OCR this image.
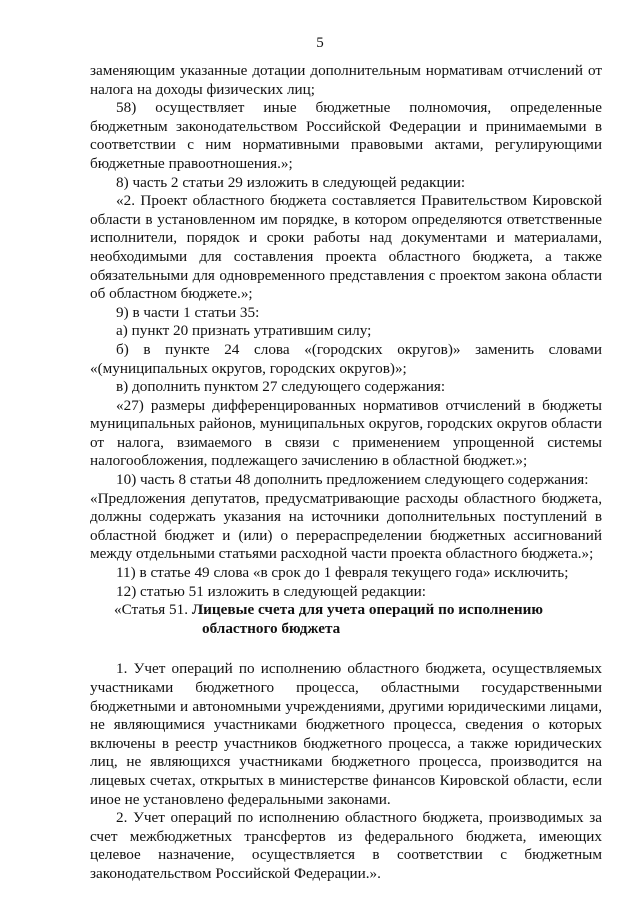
5

заменяющим указанные дотации дополнительным нормативам отчислений от налога на доходы физических лиц;

58) осуществляет иные бюджетные полномочия, определенные бюджетным законодательством Российской Федерации и принимаемыми в соответствии с ним нормативными правовыми актами, регулирующими бюджетные правоотношения.»;

8) часть 2 статьи 29 изложить в следующей редакции:

«2. Проект областного бюджета составляется Правительством Кировской области в установленном им порядке, в котором определяются ответственные исполнители, порядок и сроки работы над документами и материалами, необходимыми для составления проекта областного бюджета, а также обязательными для одновременного представления с проектом закона области об областном бюджете.»;

9) в части 1 статьи 35:

а) пункт 20 признать утратившим силу;

б) в пункте 24 слова «(городских округов)» заменить словами «(муниципальных округов, городских округов)»;

в) дополнить пунктом 27 следующего содержания:

«27) размеры дифференцированных нормативов отчислений в бюджеты муниципальных районов, муниципальных округов, городских округов области от налога, взимаемого в связи с применением упрощенной системы налогообложения, подлежащего зачислению в областной бюджет.»;

10) часть 8 статьи 48 дополнить предложением следующего содержания:

«Предложения депутатов, предусматривающие расходы областного бюджета, должны содержать указания на источники дополнительных поступлений в областной бюджет и (или) о перераспределении бюджетных ассигнований между отдельными статьями расходной части проекта областного бюджета.»;

11) в статье 49 слова «в срок до 1 февраля текущего года» исключить;

12) статью 51 изложить в следующей редакции:

«Статья 51. Лицевые счета для учета операций по исполнению
областного бюджета

1. Учет операций по исполнению областного бюджета, осуществляемых участниками бюджетного процесса, областными государственными бюджетными и автономными учреждениями, другими юридическими лицами, не являющимися участниками бюджетного процесса, сведения о которых включены в реестр участников бюджетного процесса, а также юридических лиц, не являющихся участниками бюджетного процесса, производится на лицевых счетах, открытых в министерстве финансов Кировской области, если иное не установлено федеральными законами.

2. Учет операций по исполнению областного бюджета, производимых за счет межбюджетных трансфертов из федерального бюджета, имеющих целевое назначение, осуществляется в соответствии с бюджетным законодательством Российской Федерации.».
